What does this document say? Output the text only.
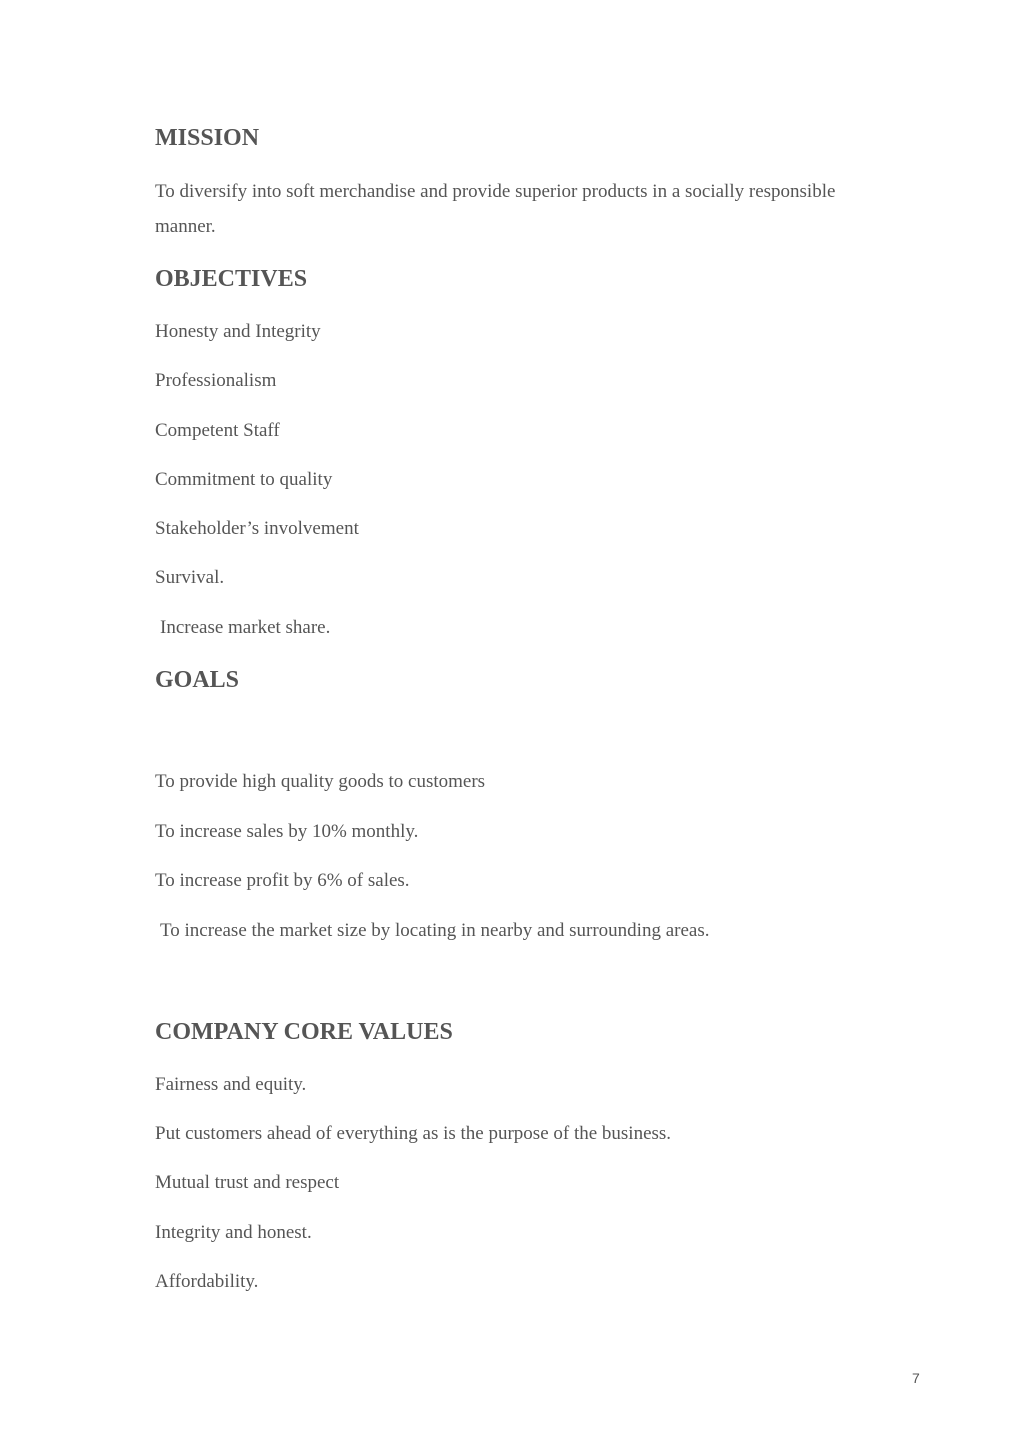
MISSION
To diversify into soft merchandise and provide superior products in a socially responsible
manner.
OBJECTIVES
Honesty and Integrity
Professionalism
Competent Staff
Commitment to quality
Stakeholder’s involvement
Survival.
Increase market share.
GOALS
To provide high quality goods to customers
To increase sales by 10% monthly.
To increase profit by 6% of sales.
To increase the market size by locating in nearby and surrounding areas.
COMPANY CORE VALUES
Fairness and equity.
Put customers ahead of everything as is the purpose of the business.
Mutual trust and respect
Integrity and honest.
Affordability.
7
